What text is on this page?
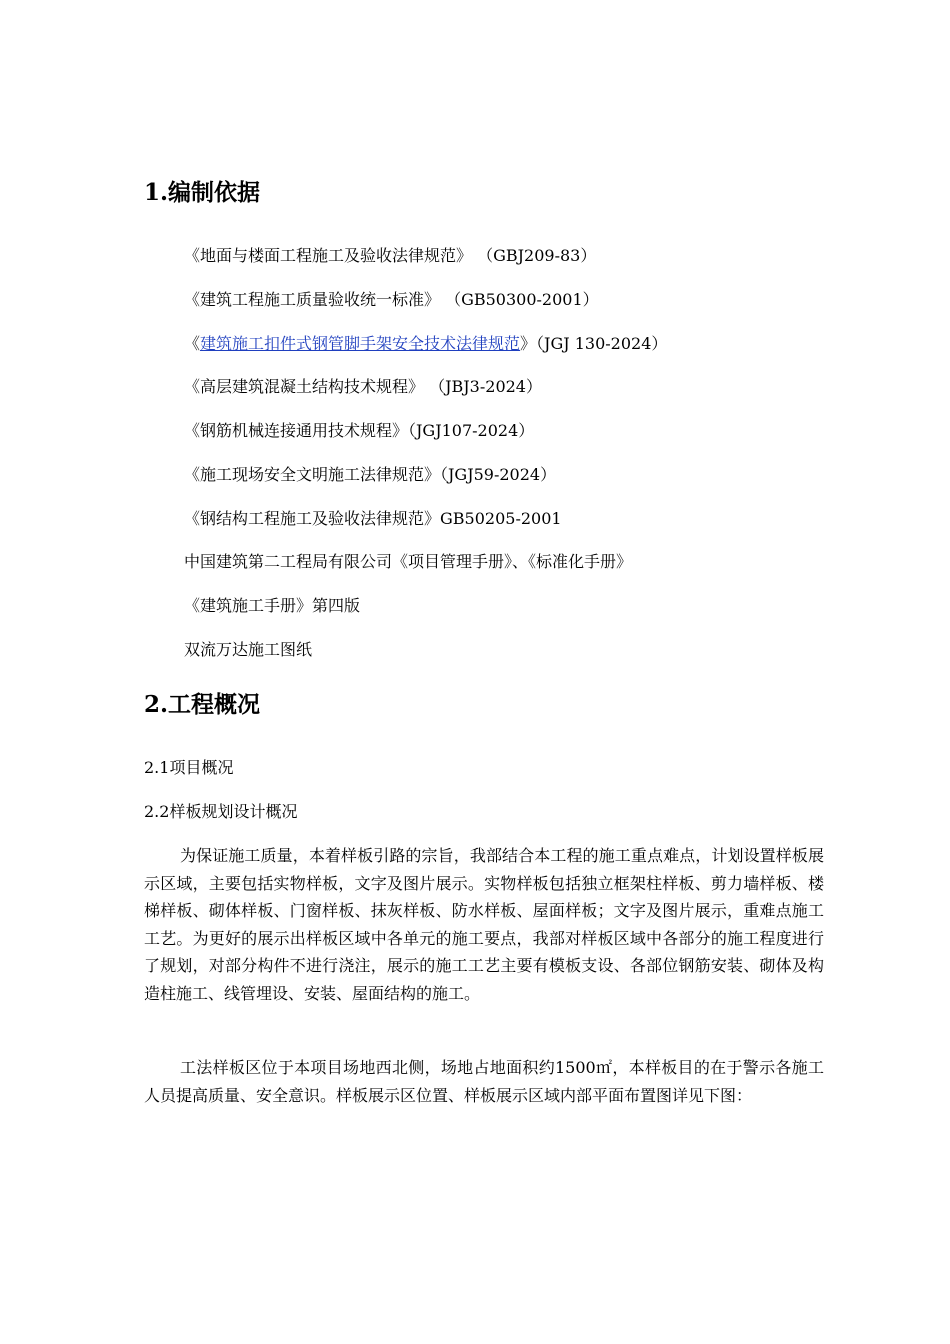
1.编制依据
《地面与楼面工程施工及验收法律规范》 （GBJ209-83）
《建筑工程施工质量验收统一标准》 （GB50300-2001）
《建筑施工扣件式钢管脚手架安全技术法律规范》（JGJ 130-2024）
《高层建筑混凝土结构技术规程》 （JBJ3-2024）
《钢筋机械连接通用技术规程》（JGJ107-2024）
《施工现场安全文明施工法律规范》（JGJ59-2024）
《钢结构工程施工及验收法律规范》GB50205-2001
中国建筑第二工程局有限公司《项目管理手册》、《标准化手册》
《建筑施工手册》第四版
双流万达施工图纸
2.工程概况
2.1项目概况
2.2样板规划设计概况

为保证施工质量，本着样板引路的宗旨，我部结合本工程的施工重点难点，计划设置样板展示区域，主要包括实物样板，文字及图片展示。实物样板包括独立框架柱样板、剪力墙样板、楼梯样板、砌体样板、门窗样板、抹灰样板、防水样板、屋面样板；文字及图片展示，重难点施工工艺。为更好的展示出样板区域中各单元的施工要点，我部对样板区域中各部分的施工程度进行了规划，对部分构件不进行浇注，展示的施工工艺主要有模板支设、各部位钢筋安装、砌体及构造柱施工、线管埋设、安装、屋面结构的施工。

工法样板区位于本项目场地西北侧，场地占地面积约1500㎡，本样板目的在于警示各施工人员提高质量、安全意识。样板展示区位置、样板展示区域内部平面布置图详见下图：
